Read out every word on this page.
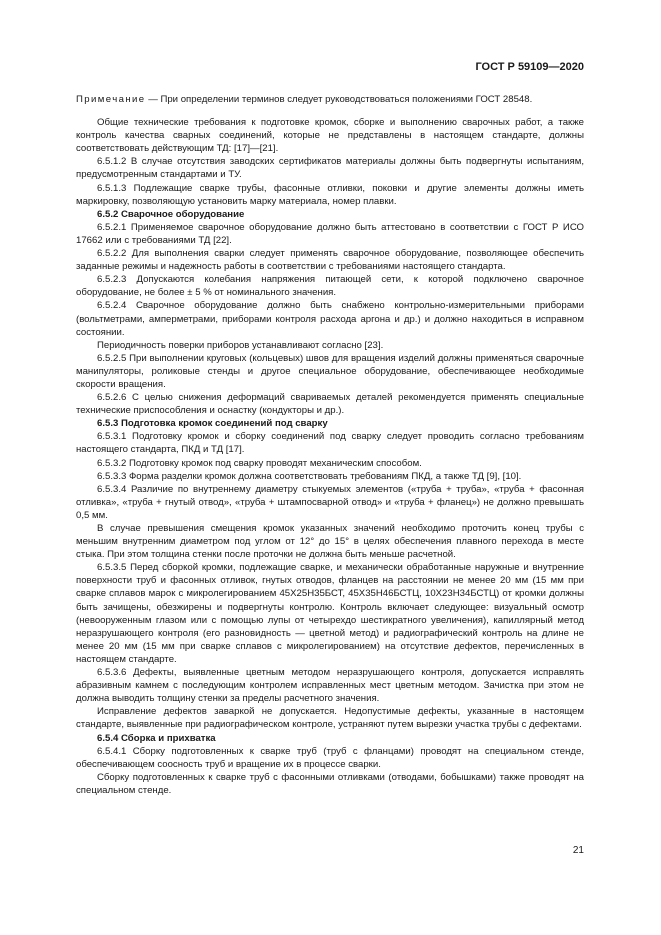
ГОСТ Р 59109—2020

Примечание — При определении терминов следует руководствоваться положениями ГОСТ 28548.

Общие технические требования к подготовке кромок, сборке и выполнению сварочных работ, а также контроль качества сварных соединений, которые не представлены в настоящем стандарте, должны соответствовать действующим ТД: [17]—[21].

6.5.1.2 В случае отсутствия заводских сертификатов материалы должны быть подвергнуты испытаниям, предусмотренным стандартами и ТУ.

6.5.1.3 Подлежащие сварке трубы, фасонные отливки, поковки и другие элементы должны иметь маркировку, позволяющую установить марку материала, номер плавки.

6.5.2 Сварочное оборудование

6.5.2.1 Применяемое сварочное оборудование должно быть аттестовано в соответствии с ГОСТ Р ИСО 17662 или с требованиями ТД [22].

6.5.2.2 Для выполнения сварки следует применять сварочное оборудование, позволяющее обеспечить заданные режимы и надежность работы в соответствии с требованиями настоящего стандарта.

6.5.2.3 Допускаются колебания напряжения питающей сети, к которой подключено сварочное оборудование, не более ± 5 % от номинального значения.

6.5.2.4 Сварочное оборудование должно быть снабжено контрольно-измерительными приборами (вольтметрами, амперметрами, приборами контроля расхода аргона и др.) и должно находиться в исправном состоянии.

Периодичность поверки приборов устанавливают согласно [23].

6.5.2.5 При выполнении круговых (кольцевых) швов для вращения изделий должны применяться сварочные манипуляторы, роликовые стенды и другое специальное оборудование, обеспечивающее необходимые скорости вращения.

6.5.2.6 С целью снижения деформаций свариваемых деталей рекомендуется применять специальные технические приспособления и оснастку (кондукторы и др.).

6.5.3 Подготовка кромок соединений под сварку

6.5.3.1 Подготовку кромок и сборку соединений под сварку следует проводить согласно требованиям настоящего стандарта, ПКД и ТД [17].

6.5.3.2 Подготовку кромок под сварку проводят механическим способом.

6.5.3.3 Форма разделки кромок должна соответствовать требованиям ПКД, а также ТД [9], [10].

6.5.3.4 Различие по внутреннему диаметру стыкуемых элементов («труба + труба», «труба + фасонная отливка», «труба + гнутый отвод», «труба + штампосварной отвод» и «труба + фланец») не должно превышать 0,5 мм.

В случае превышения смещения кромок указанных значений необходимо проточить конец трубы с меньшим внутренним диаметром под углом от 12° до 15° в целях обеспечения плавного перехода в месте стыка. При этом толщина стенки после проточки не должна быть меньше расчетной.

6.5.3.5 Перед сборкой кромки, подлежащие сварке, и механически обработанные наружные и внутренние поверхности труб и фасонных отливок, гнутых отводов, фланцев на расстоянии не менее 20 мм (15 мм при сварке сплавов марок с микролегированием 45Х25Н35БСТ, 45Х35Н46БСТЦ, 10Х23Н34БСТЦ) от кромки должны быть зачищены, обезжирены и подвергнуты контролю. Контроль включает следующее: визуальный осмотр (невооруженным глазом или с помощью лупы от четырехдо шестикратного увеличения), капиллярный метод неразрушающего контроля (его разновидность — цветной метод) и радиографический контроль на длине не менее 20 мм (15 мм при сварке сплавов с микролегированием) на отсутствие дефектов, перечисленных в настоящем стандарте.

6.5.3.6 Дефекты, выявленные цветным методом неразрушающего контроля, допускается исправлять абразивным камнем с последующим контролем исправленных мест цветным методом. Зачистка при этом не должна выводить толщину стенки за пределы расчетного значения.

Исправление дефектов заваркой не допускается. Недопустимые дефекты, указанные в настоящем стандарте, выявленные при радиографическом контроле, устраняют путем вырезки участка трубы с дефектами.

6.5.4 Сборка и прихватка

6.5.4.1 Сборку подготовленных к сварке труб (труб с фланцами) проводят на специальном стенде, обеспечивающем соосность труб и вращение их в процессе сварки.

Сборку подготовленных к сварке труб с фасонными отливками (отводами, бобышками) также проводят на специальном стенде.

21
